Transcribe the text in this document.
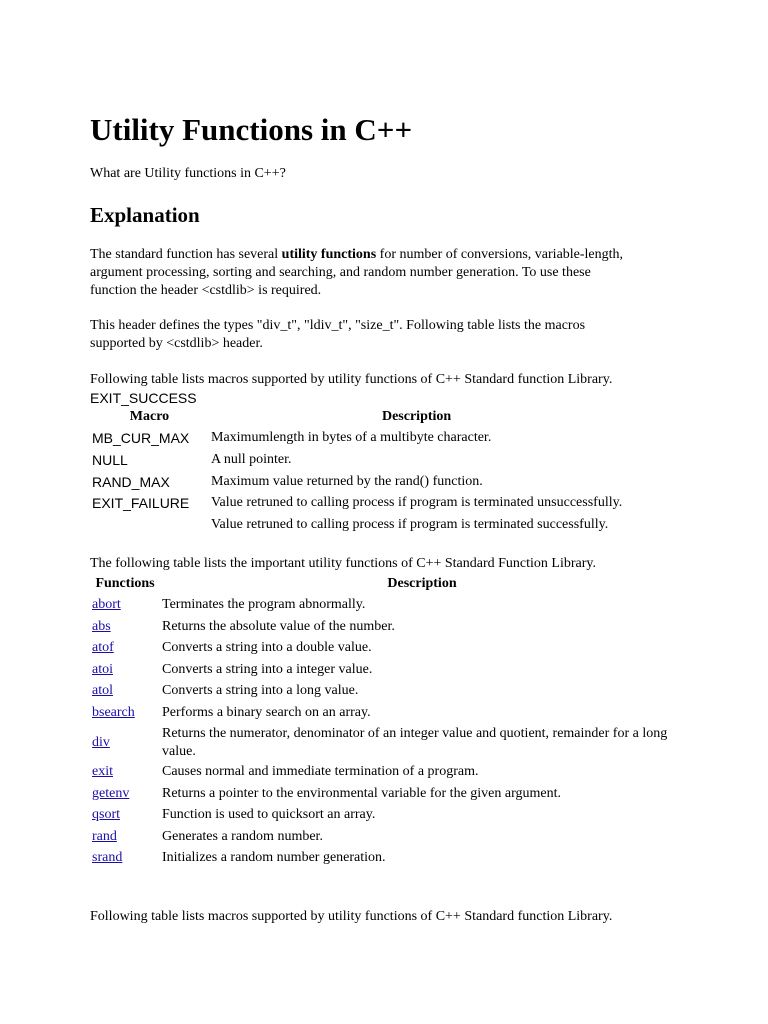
Utility Functions in C++
What are Utility functions in C++?
Explanation

The standard function has several utility functions for number of conversions, variable-length,
argument processing, sorting and searching, and random number generation. To use these
function the header <cstdlib> is required.

This header defines the types "div_t", "ldiv_t", "size_t". Following table lists the macros
supported by <cstdlib> header.

Following table lists macros supported by utility functions of C++ Standard function Library.
EXIT_SUCCESS

Macro	Description
MB_CUR_MAX	Maximumlength in bytes of a multibyte character.
NULL	A null pointer.
RAND_MAX	Maximum value returned by the rand() function.
EXIT_FAILURE	Value retruned to calling process if program is terminated unsuccessfully.
	Value retruned to calling process if program is terminated successfully.

The following table lists the important utility functions of C++ Standard Function Library.

Functions	Description
abort	Terminates the program abnormally.
abs	Returns the absolute value of the number.
atof	Converts a string into a double value.
atoi	Converts a string into a integer value.
atol	Converts a string into a long value.
bsearch	Performs a binary search on an array.
div	Returns the numerator, denominator of an integer value and quotient, remainder for a long value.
exit	Causes normal and immediate termination of a program.
getenv	Returns a pointer to the environmental variable for the given argument.
qsort	Function is used to quicksort an array.
rand	Generates a random number.
srand	Initializes a random number generation.

Following table lists macros supported by utility functions of C++ Standard function Library.
